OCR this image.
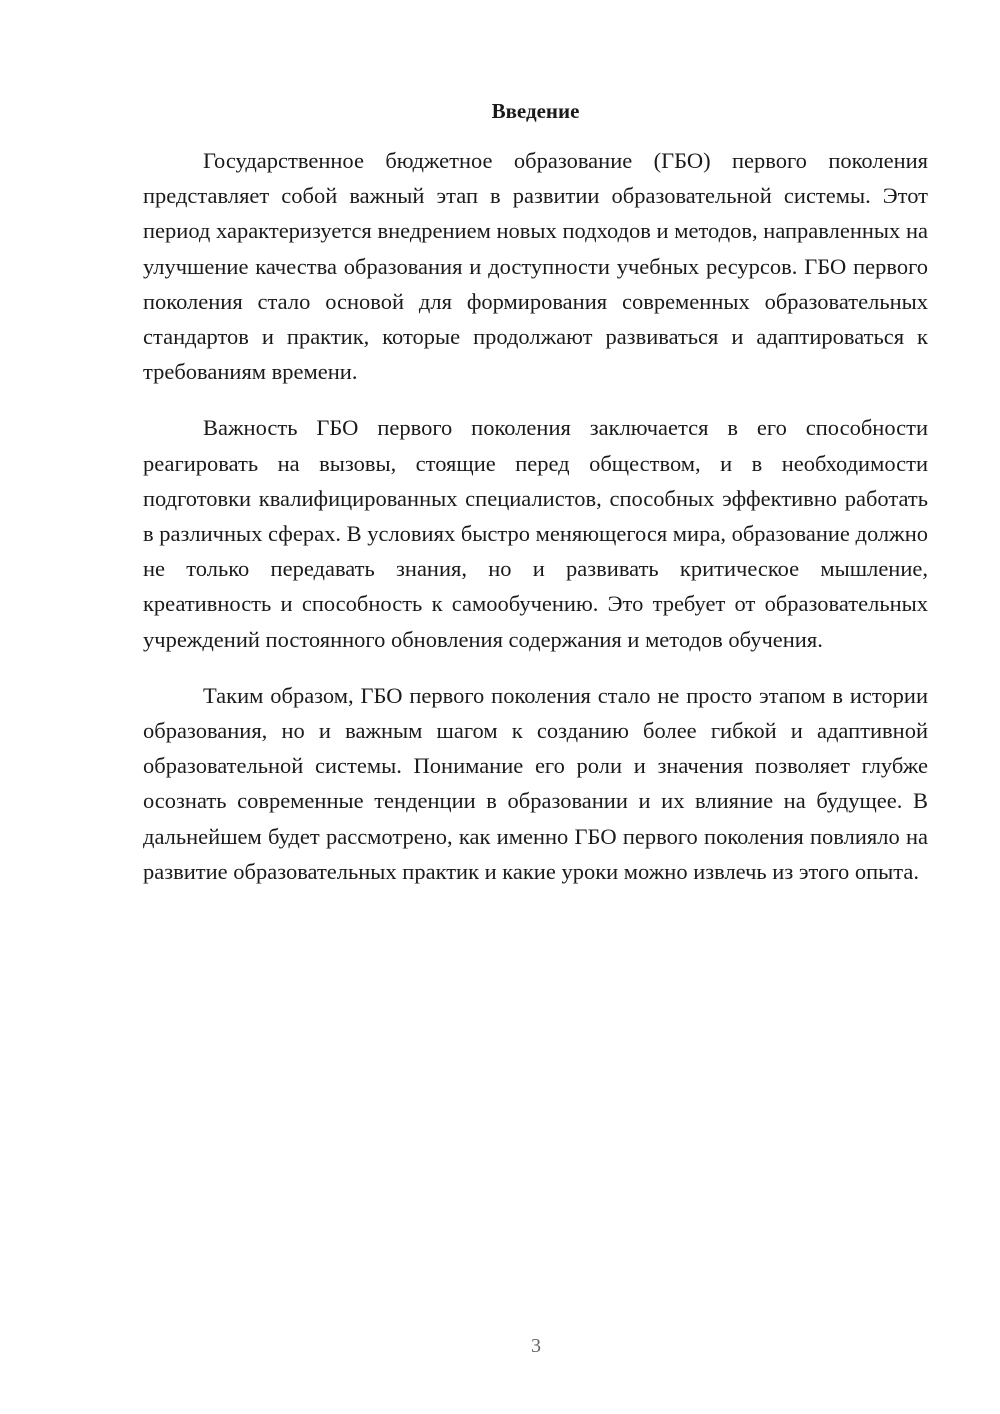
Введение

Государственное бюджетное образование (ГБО) первого поколения представляет собой важный этап в развитии образовательной системы. Этот период характеризуется внедрением новых подходов и методов, направленных на улучшение качества образования и доступности учебных ресурсов. ГБО первого поколения стало основой для формирования современных образовательных стандартов и практик, которые продолжают развиваться и адаптироваться к требованиям времени.

Важность ГБО первого поколения заключается в его способности реагировать на вызовы, стоящие перед обществом, и в необходимости подготовки квалифицированных специалистов, способных эффективно работать в различных сферах. В условиях быстро меняющегося мира, образование должно не только передавать знания, но и развивать критическое мышление, креативность и способность к самообучению. Это требует от образовательных учреждений постоянного обновления содержания и методов обучения.

Таким образом, ГБО первого поколения стало не просто этапом в истории образования, но и важным шагом к созданию более гибкой и адаптивной образовательной системы. Понимание его роли и значения позволяет глубже осознать современные тенденции в образовании и их влияние на будущее. В дальнейшем будет рассмотрено, как именно ГБО первого поколения повлияло на развитие образовательных практик и какие уроки можно извлечь из этого опыта.

3
